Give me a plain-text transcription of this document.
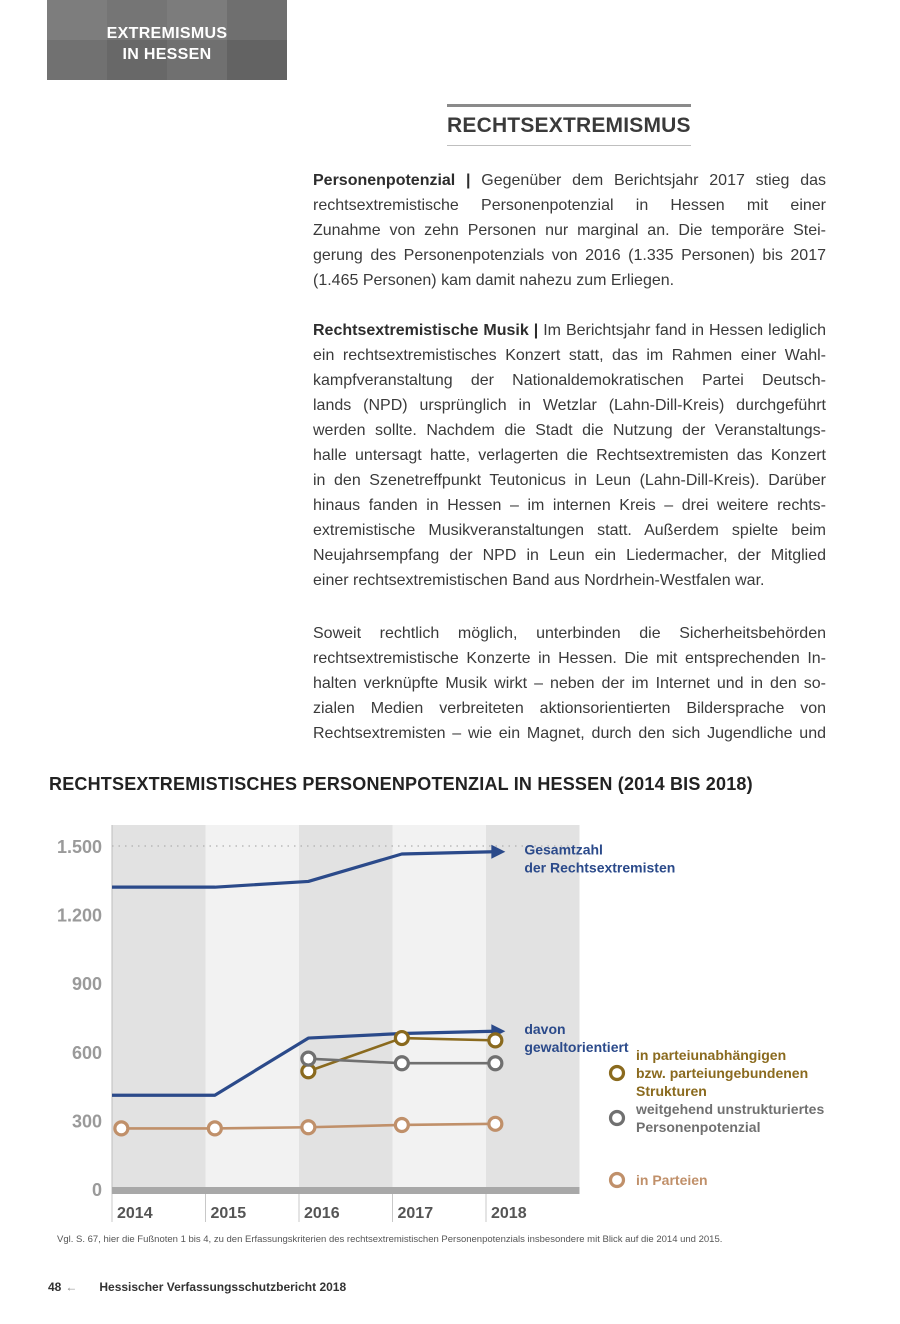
EXTREMISMUS
IN HESSEN
RECHTSEXTREMISMUS
Personenpotenzial | Gegenüber dem Berichtsjahr 2017 stieg das
rechtsextremistische Personenpotenzial in Hessen mit einer
Zunahme von zehn Personen nur marginal an. Die temporäre Stei-
gerung des Personenpotenzials von 2016 (1.335 Personen) bis 2017
(1.465 Personen) kam damit nahezu zum Erliegen.
Rechtsextremistische Musik | Im Berichtsjahr fand in Hessen lediglich
ein rechtsextremistisches Konzert statt, das im Rahmen einer Wahl-
kampfveranstaltung der Nationaldemokratischen Partei Deutsch-
lands (NPD) ursprünglich in Wetzlar (Lahn-Dill-Kreis) durchgeführt
werden sollte. Nachdem die Stadt die Nutzung der Veranstaltungs-
halle untersagt hatte, verlagerten die Rechtsextremisten das Konzert
in den Szenetreffpunkt Teutonicus in Leun (Lahn-Dill-Kreis). Darüber
hinaus fanden in Hessen – im internen Kreis – drei weitere rechts-
extremistische Musikveranstaltungen statt. Außerdem spielte beim
Neujahrsempfang der NPD in Leun ein Liedermacher, der Mitglied
einer rechtsextremistischen Band aus Nordrhein-Westfalen war.
Soweit rechtlich möglich, unterbinden die Sicherheitsbehörden
rechtsextremistische Konzerte in Hessen. Die mit entsprechenden In-
halten verknüpfte Musik wirkt – neben der im Internet und in den so-
zialen Medien verbreiteten aktionsorientierten Bildersprache von
Rechtsextremisten – wie ein Magnet, durch den sich Jugendliche und
RECHTSEXTREMISTISCHES PERSONENPOTENZIAL IN HESSEN (2014 BIS 2018)
0
300
600
900
1.200
1.500
2014	2015	2016	2017	2018
Gesamtzahl
der Rechtsextremisten
davon
gewaltorientiert in parteiunabhängigen
bzw. parteiungebundenen
Strukturen
weitgehend unstrukturiertes
Personenpotenzial
in Parteien
Vgl. S. 67, hier die Fußnoten 1 bis 4, zu den Erfassungskriterien des rechtsextremistischen Personenpotenzials insbesondere mit Blick auf die 2014 und 2015.
48 ← Hessischer Verfassungsschutzbericht 2018
